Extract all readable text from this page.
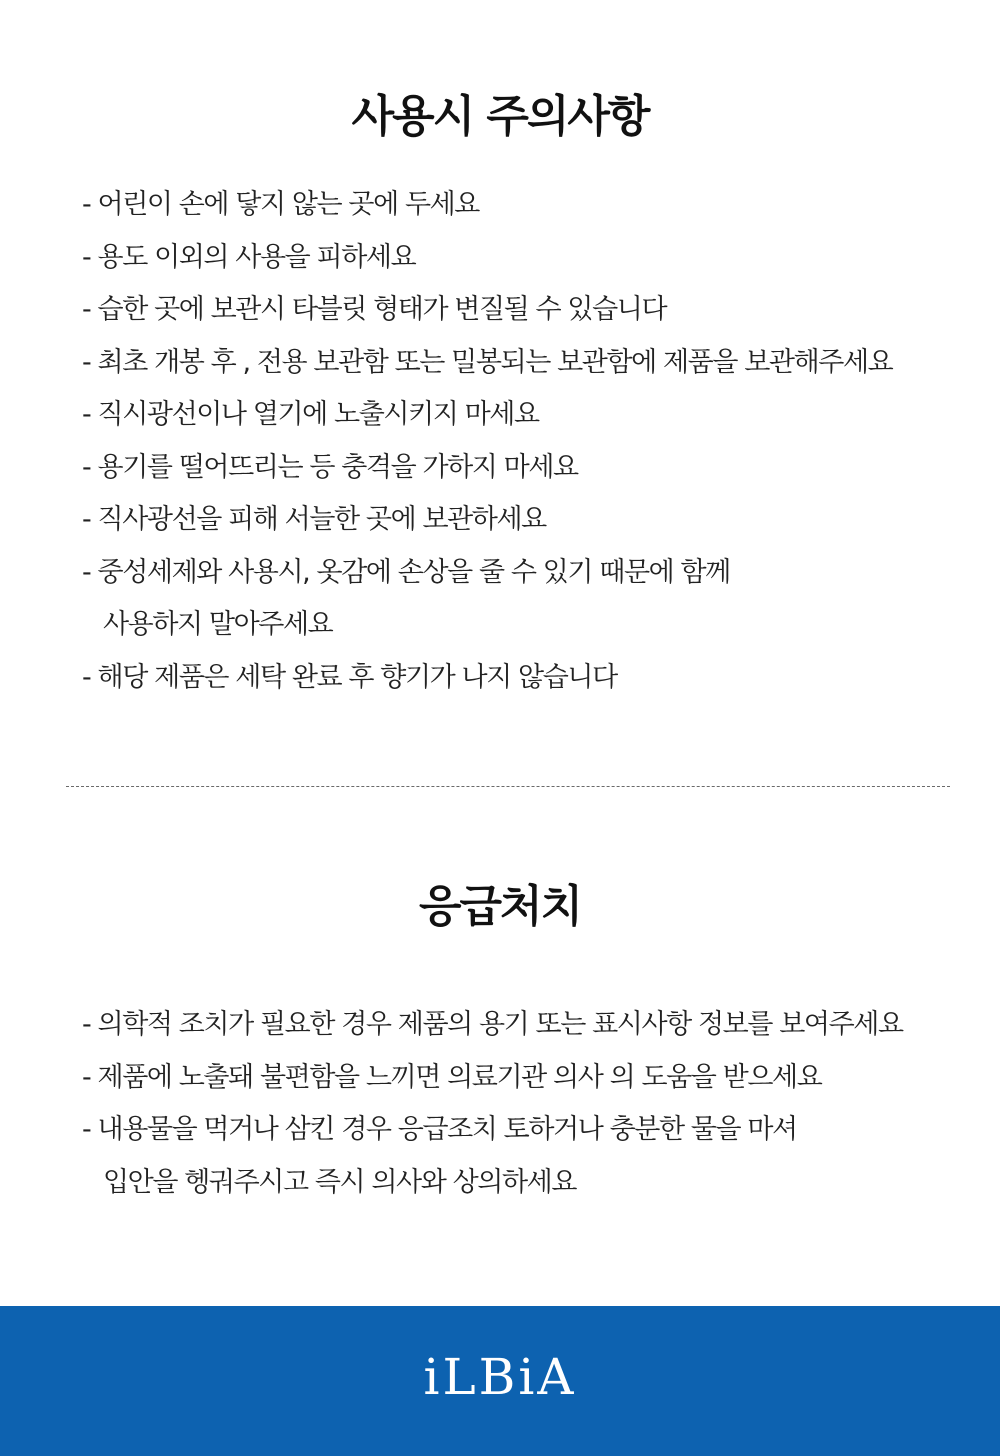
사용시 주의사항
- 어린이 손에 닿지 않는 곳에 두세요
- 용도 이외의 사용을 피하세요
- 습한 곳에 보관시 타블릿 형태가 변질될 수 있습니다
- 최초 개봉 후 , 전용 보관함 또는 밀봉되는 보관함에 제품을 보관해주세요
- 직시광선이나 열기에 노출시키지 마세요
- 용기를 떨어뜨리는 등 충격을 가하지 마세요
- 직사광선을 피해 서늘한 곳에 보관하세요
- 중성세제와 사용시, 옷감에 손상을 줄 수 있기 때문에 함께
사용하지 말아주세요
- 해당 제품은 세탁 완료 후 향기가 나지 않습니다
응급처치
- 의학적 조치가 필요한 경우 제품의 용기 또는 표시사항 정보를 보여주세요
- 제품에 노출돼 불편함을 느끼면 의료기관 의사 의 도움을 받으세요
- 내용물을 먹거나 삼킨 경우 응급조치 토하거나 충분한 물을 마셔
입안을 헹궈주시고 즉시 의사와 상의하세요
iLBiA
